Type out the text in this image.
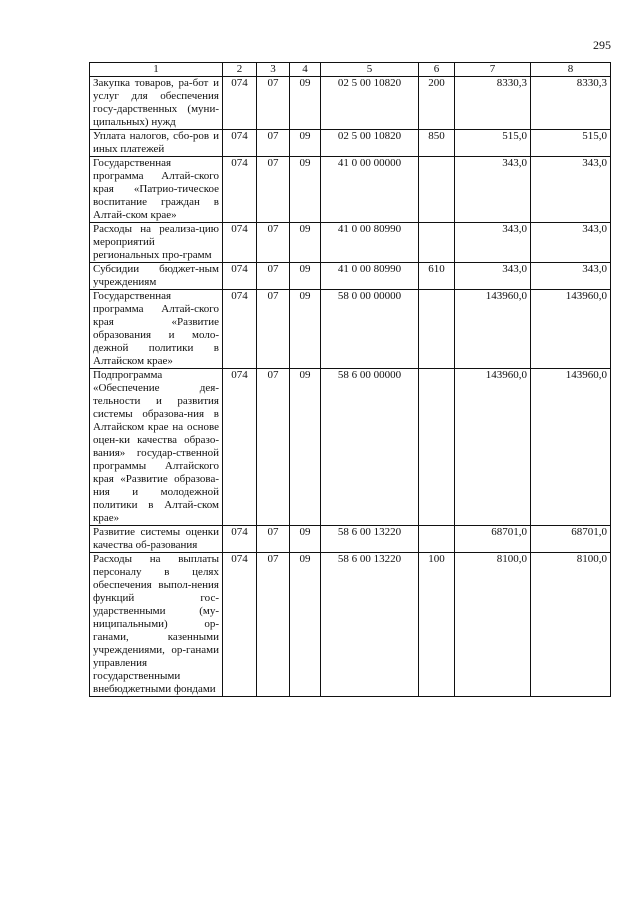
295
1	2	3	4	5	6	7	8
Закупка товаров, ра-бот и услуг для обеспечения госу-дарственных (муни-ципальных) нужд	074	07	09	02 5 00 10820	200	8330,3	8330,3
Уплата налогов, сбо-ров и иных платежей	074	07	09	02 5 00 10820	850	515,0	515,0
Государственная программа Алтай-ского края «Патрио-тическое воспитание граждан в Алтай-ском крае»	074	07	09	41 0 00 00000		343,0	343,0
Расходы на реализа-цию мероприятий региональных про-грамм	074	07	09	41 0 00 80990		343,0	343,0
Субсидии бюджет-ным учреждениям	074	07	09	41 0 00 80990	610	343,0	343,0
Государственная программа Алтай-ского края «Развитие образования и моло-дежной политики в Алтайском крае»	074	07	09	58 0 00 00000		143960,0	143960,0
Подпрограмма «Обеспечение дея-тельности и развития системы образова-ния в Алтайском крае на основе оцен-ки качества образо-вания» государ-ственной программы Алтайского края «Развитие образова-ния и молодежной политики в Алтай-ском крае»	074	07	09	58 6 00 00000		143960,0	143960,0
Развитие системы оценки качества об-разования	074	07	09	58 6 00 13220		68701,0	68701,0
Расходы на выплаты персоналу в целях обеспечения выпол-нения функций гос-ударственными (му-ниципальными) ор-ганами, казенными учреждениями, ор-ганами управления государственными внебюджетными фондами	074	07	09	58 6 00 13220	100	8100,0	8100,0
